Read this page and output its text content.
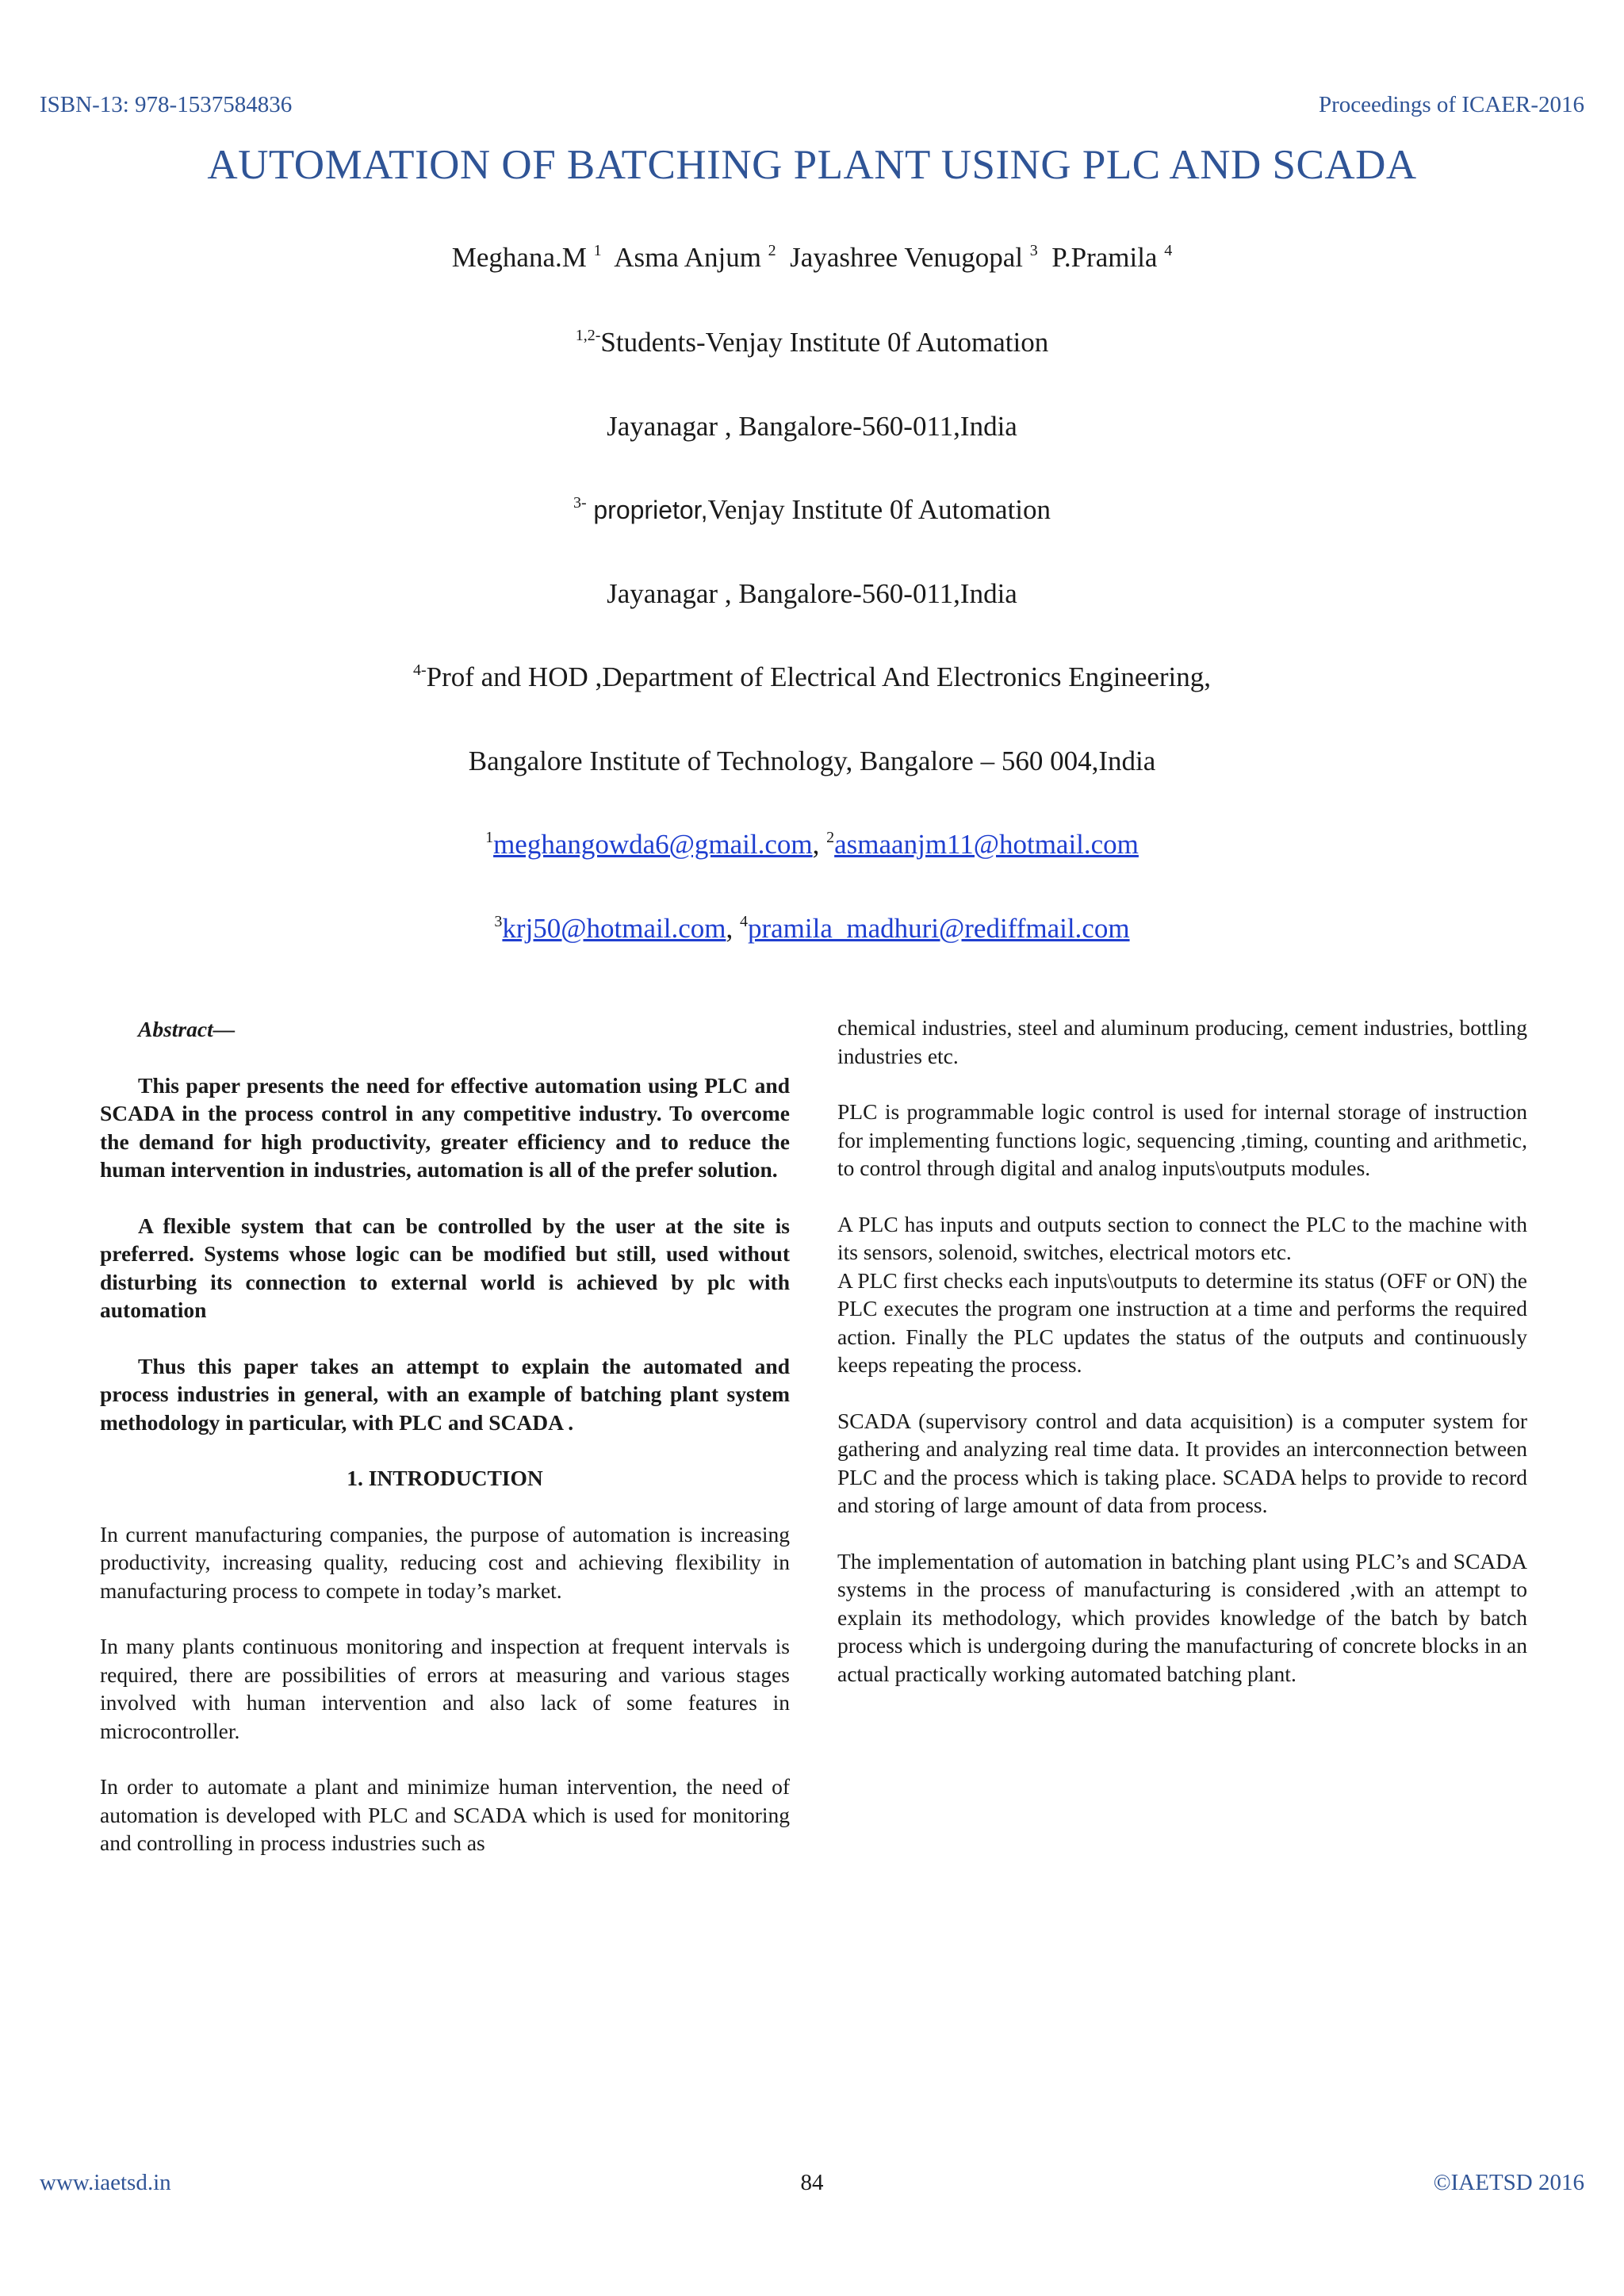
ISBN-13: 978-1537584836	Proceedings of ICAER-2016
AUTOMATION OF BATCHING PLANT USING PLC AND SCADA
Meghana.M $^1$ Asma Anjum $^2$ Jayashree Venugopal $^3$ P.Pramila $^4$
$^{1,2-}$Students-Venjay Institute 0f Automation
Jayanagar , Bangalore-560-011,India
$^{3-}$ proprietor,Venjay Institute 0f Automation
Jayanagar , Bangalore-560-011,India
$^{4-}$Prof and HOD ,Department of Electrical And Electronics Engineering,
Bangalore Institute of Technology, Bangalore – 560 004,India
$^1$meghangowda6@gmail.com, $^2$asmaanjm11@hotmail.com
$^3$krj50@hotmail.com, $^4$pramila_madhuri@rediffmail.com

Abstract—

This paper presents the need for effective automation using PLC and SCADA in the process control in any competitive industry. To overcome the demand for high productivity, greater efficiency and to reduce the human intervention in industries, automation is all of the prefer solution.

A flexible system that can be controlled by the user at the site is preferred. Systems whose logic can be modified but still, used without disturbing its connection to external world is achieved by plc with automation

Thus this paper takes an attempt to explain the automated and process industries in general, with an example of batching plant system methodology in particular, with PLC and SCADA .

1. INTRODUCTION

In current manufacturing companies, the purpose of automation is increasing productivity, increasing quality, reducing cost and achieving flexibility in manufacturing process to compete in today’s market.

In many plants continuous monitoring and inspection at frequent intervals is required, there are possibilities of errors at measuring and various stages involved with human intervention and also lack of some features in microcontroller.

In order to automate a plant and minimize human intervention, the need of automation is developed with PLC and SCADA which is used for monitoring and controlling in process industries such as

chemical industries, steel and aluminum producing, cement industries, bottling industries etc.

PLC is programmable logic control is used for internal storage of instruction for implementing functions logic, sequencing ,timing, counting and arithmetic, to control through digital and analog inputs\outputs modules.

A PLC has inputs and outputs section to connect the PLC to the machine with its sensors, solenoid, switches, electrical motors etc.

A PLC first checks each inputs\outputs to determine its status (OFF or ON) the PLC executes the program one instruction at a time and performs the required action. Finally the PLC updates the status of the outputs and continuously keeps repeating the process.

SCADA (supervisory control and data acquisition) is a computer system for gathering and analyzing real time data. It provides an interconnection between PLC and the process which is taking place. SCADA helps to provide to record and storing of large amount of data from process.

The implementation of automation in batching plant using PLC’s and SCADA systems in the process of manufacturing is considered ,with an attempt to explain its methodology, which provides knowledge of the batch by batch process which is undergoing during the manufacturing of concrete blocks in an actual practically working automated batching plant.

www.iaetsd.in	84	©IAETSD 2016
